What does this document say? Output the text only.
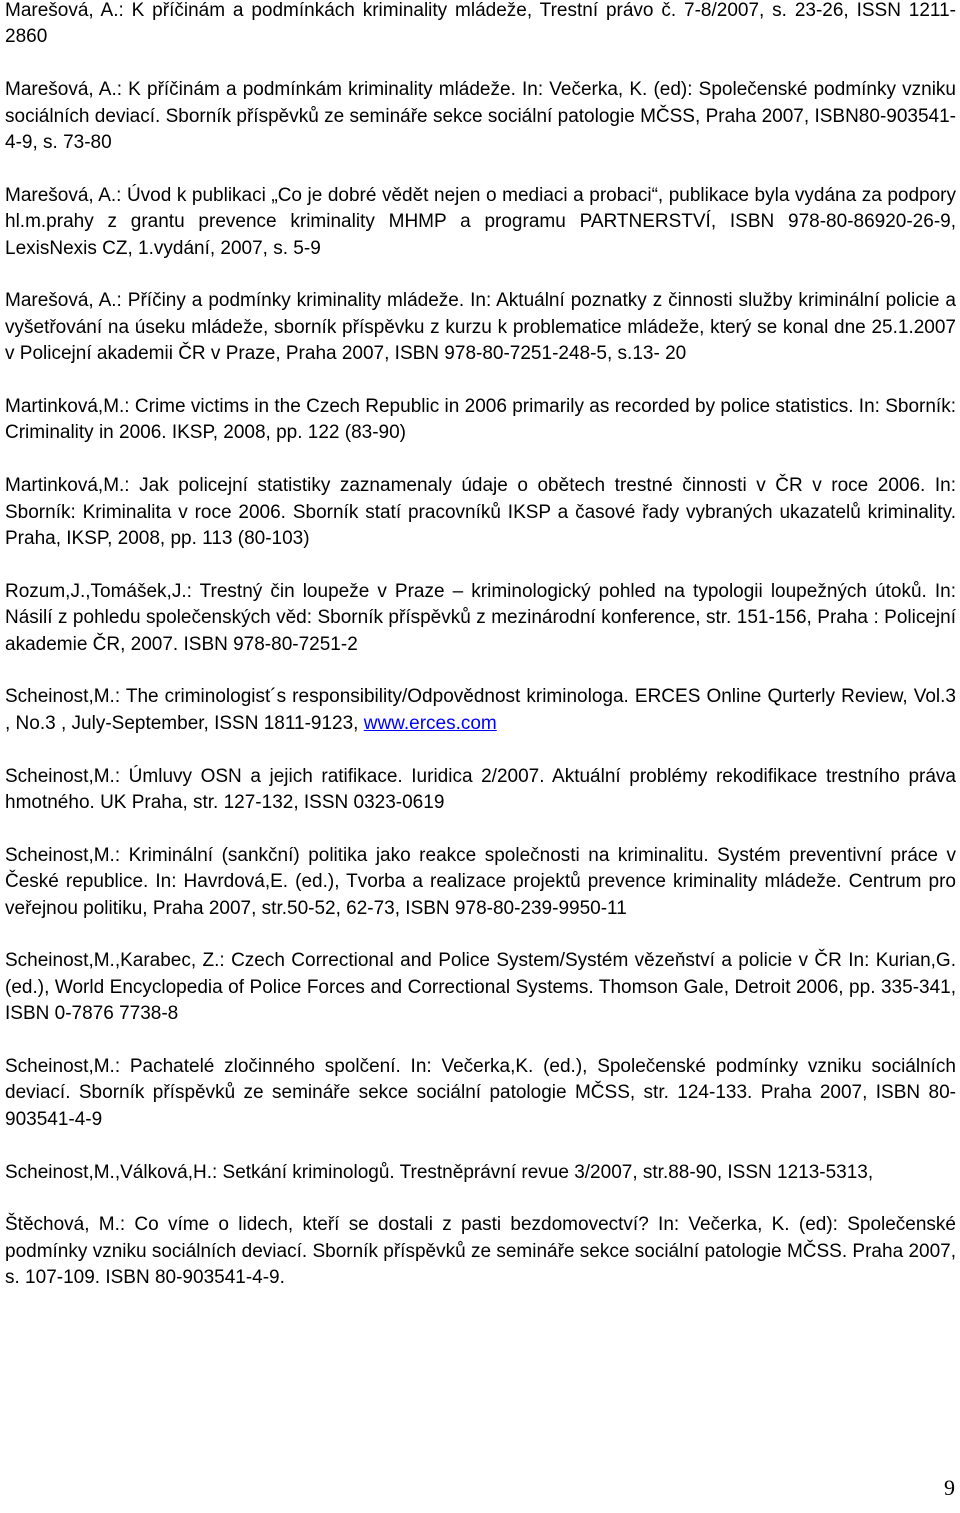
Marešová, A.: K příčinám a podmínkách kriminality mládeže, Trestní právo č. 7-8/2007, s. 23-26, ISSN 1211-2860

Marešová, A.: K příčinám a podmínkám kriminality mládeže. In: Večerka, K. (ed): Společenské podmínky vzniku sociálních deviací. Sborník příspěvků ze semináře sekce sociální patologie MČSS, Praha 2007, ISBN80-903541-4-9, s. 73-80

Marešová, A.: Úvod k publikaci „Co je dobré vědět nejen o mediaci a probaci“, publikace byla vydána za podpory hl.m.prahy z grantu prevence kriminality MHMP a programu PARTNERSTVÍ, ISBN 978-80-86920-26-9, LexisNexis CZ, 1.vydání, 2007, s. 5-9

Marešová, A.: Příčiny a podmínky kriminality mládeže. In: Aktuální poznatky z činnosti služby kriminální policie a vyšetřování na úseku mládeže, sborník příspěvku z kurzu k problematice mládeže, který se konal dne 25.1.2007 v Policejní akademii ČR v Praze, Praha 2007, ISBN 978-80-7251-248-5, s.13- 20

Martinková,M.: Crime victims in the Czech Republic in 2006 primarily as recorded by police statistics. In: Sborník: Criminality in 2006. IKSP, 2008, pp. 122 (83-90)

Martinková,M.: Jak policejní statistiky zaznamenaly údaje o obětech trestné činnosti v ČR v roce 2006. In: Sborník: Kriminalita v roce 2006. Sborník statí pracovníků IKSP a časové řady vybraných ukazatelů kriminality. Praha, IKSP, 2008, pp. 113 (80-103)

Rozum,J.,Tomášek,J.: Trestný čin loupeže v Praze – kriminologický pohled na typologii loupežných útoků. In: Násilí z pohledu společenských věd: Sborník příspěvků z mezinárodní konference, str. 151-156, Praha : Policejní akademie ČR, 2007. ISBN 978-80-7251-2

Scheinost,M.: The criminologist´s responsibility/Odpovědnost kriminologa. ERCES Online Qurterly Review, Vol.3 , No.3 , July-September, ISSN 1811-9123, www.erces.com

Scheinost,M.: Úmluvy OSN a jejich ratifikace. Iuridica 2/2007. Aktuální problémy rekodifikace trestního práva hmotného. UK Praha, str. 127-132, ISSN 0323-0619

Scheinost,M.: Kriminální (sankční) politika jako reakce společnosti na kriminalitu. Systém preventivní práce v České republice. In: Havrdová,E. (ed.), Tvorba a realizace projektů prevence kriminality mládeže. Centrum pro veřejnou politiku, Praha 2007, str.50-52, 62-73, ISBN 978-80-239-9950-11

Scheinost,M.,Karabec, Z.: Czech Correctional and Police System/Systém vězeňství a policie v ČR In: Kurian,G.(ed.), World Encyclopedia of Police Forces and Correctional Systems. Thomson Gale, Detroit 2006, pp. 335-341, ISBN 0-7876 7738-8

Scheinost,M.: Pachatelé zločinného spolčení. In: Večerka,K. (ed.), Společenské podmínky vzniku sociálních deviací. Sborník příspěvků ze semináře sekce sociální patologie MČSS, str. 124-133. Praha 2007, ISBN 80-903541-4-9

Scheinost,M.,Válková,H.: Setkání kriminologů. Trestněprávní revue 3/2007, str.88-90, ISSN 1213-5313,

Štěchová, M.: Co víme o lidech, kteří se dostali z pasti bezdomovectví? In: Večerka, K. (ed): Společenské podmínky vzniku sociálních deviací. Sborník příspěvků ze semináře sekce sociální patologie MČSS. Praha 2007, s. 107-109. ISBN 80-903541-4-9.

9
